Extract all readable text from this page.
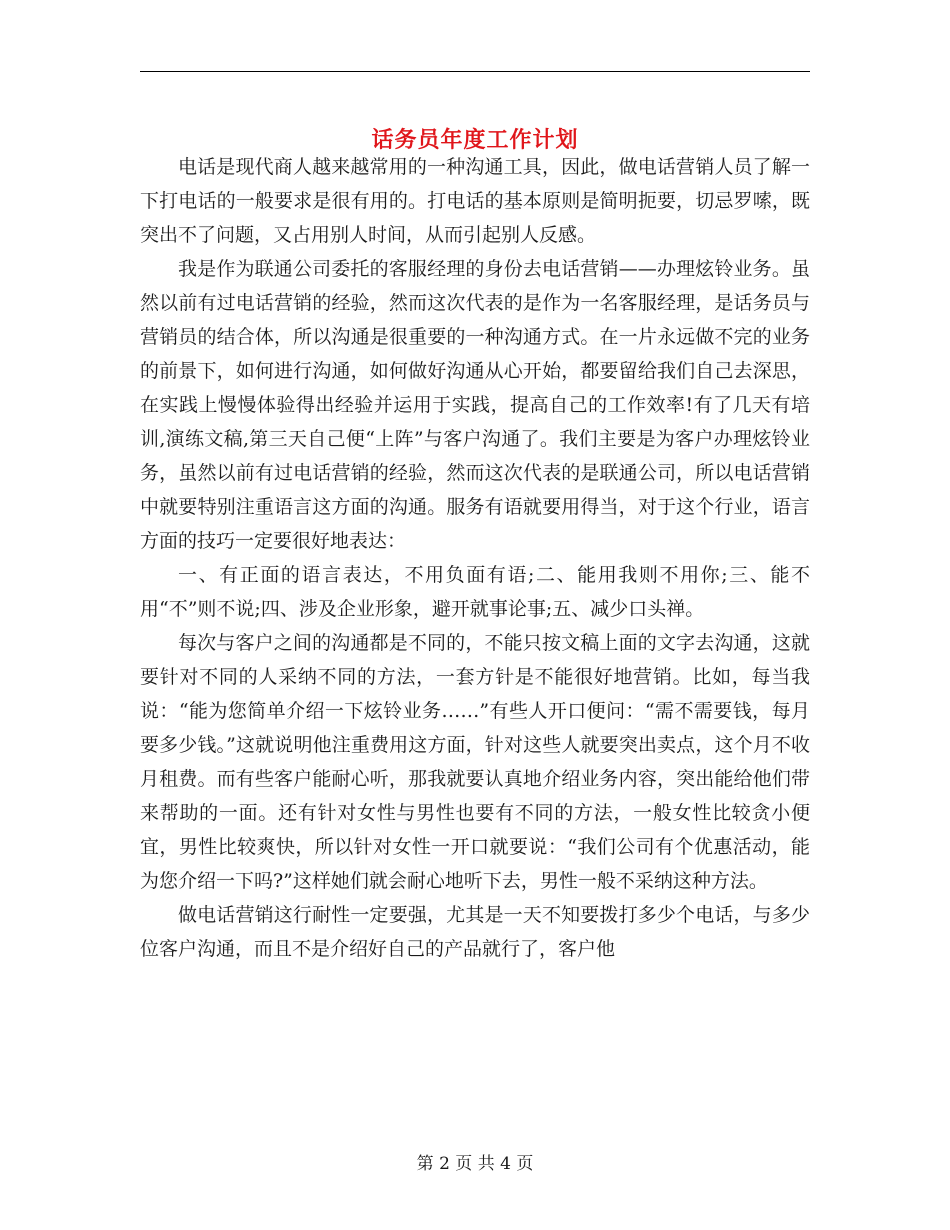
话务员年度工作计划

电话是现代商人越来越常用的一种沟通工具，因此，做电话营销人员了解一下打电话的一般要求是很有用的。打电话的基本原则是简明扼要，切忌罗嗦，既突出不了问题，又占用别人时间，从而引起别人反感。

我是作为联通公司委托的客服经理的身份去电话营销——办理炫铃业务。虽然以前有过电话营销的经验，然而这次代表的是作为一名客服经理，是话务员与营销员的结合体，所以沟通是很重要的一种沟通方式。在一片永远做不完的业务的前景下，如何进行沟通，如何做好沟通从心开始，都要留给我们自己去深思，在实践上慢慢体验得出经验并运用于实践，提高自己的工作效率!有了几天有培训,演练文稿,第三天自己便“上阵”与客户沟通了。我们主要是为客户办理炫铃业务，虽然以前有过电话营销的经验，然而这次代表的是联通公司，所以电话营销中就要特别注重语言这方面的沟通。服务有语就要用得当，对于这个行业，语言方面的技巧一定要很好地表达：

一、有正面的语言表达，不用负面有语;二、能用我则不用你;三、能不用“不”则不说;四、涉及企业形象，避开就事论事;五、减少口头禅。

每次与客户之间的沟通都是不同的，不能只按文稿上面的文字去沟通，这就要针对不同的人采纳不同的方法，一套方针是不能很好地营销。比如，每当我说：“能为您简单介绍一下炫铃业务……”有些人开口便问：“需不需要钱，每月要多少钱。”这就说明他注重费用这方面，针对这些人就要突出卖点，这个月不收月租费。而有些客户能耐心听，那我就要认真地介绍业务内容，突出能给他们带来帮助的一面。还有针对女性与男性也要有不同的方法，一般女性比较贪小便宜，男性比较爽快，所以针对女性一开口就要说：“我们公司有个优惠活动，能为您介绍一下吗?”这样她们就会耐心地听下去，男性一般不采纳这种方法。

做电话营销这行耐性一定要强，尤其是一天不知要拨打多少个电话，与多少位客户沟通，而且不是介绍好自己的产品就行了，客户他

第 2 页 共 4 页
